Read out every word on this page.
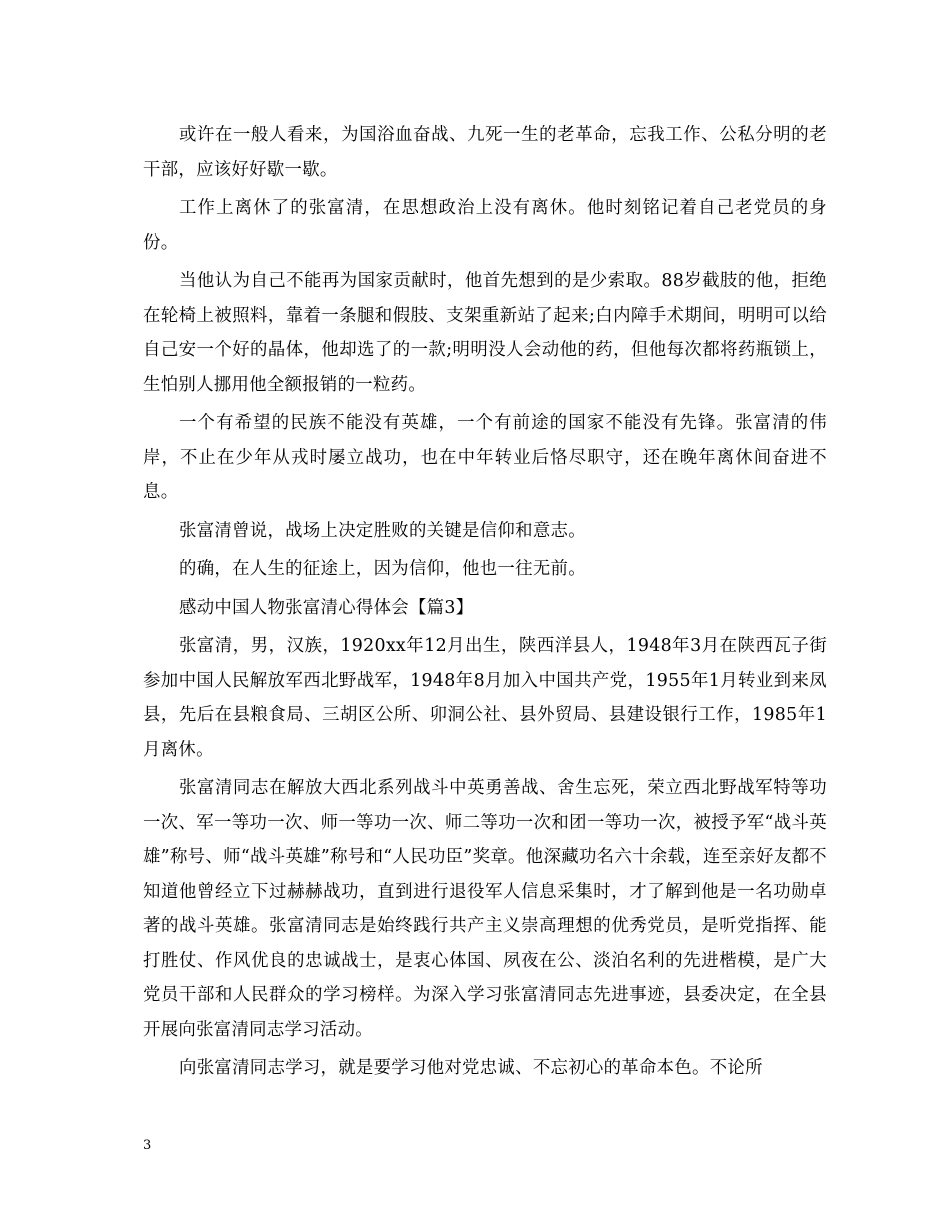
或许在一般人看来，为国浴血奋战、九死一生的老革命，忘我工作、公私分明的老干部，应该好好歇一歇。

工作上离休了的张富清，在思想政治上没有离休。他时刻铭记着自己老党员的身份。

当他认为自己不能再为国家贡献时，他首先想到的是少索取。88岁截肢的他，拒绝在轮椅上被照料，靠着一条腿和假肢、支架重新站了起来;白内障手术期间，明明可以给自己安一个好的晶体，他却选了的一款;明明没人会动他的药，但他每次都将药瓶锁上，生怕别人挪用他全额报销的一粒药。

一个有希望的民族不能没有英雄，一个有前途的国家不能没有先锋。张富清的伟岸，不止在少年从戎时屡立战功，也在中年转业后恪尽职守，还在晚年离休间奋进不息。

张富清曾说，战场上决定胜败的关键是信仰和意志。

的确，在人生的征途上，因为信仰，他也一往无前。

感动中国人物张富清心得体会【篇3】

张富清，男，汉族，1920xx年12月出生，陕西洋县人，1948年3月在陕西瓦子街参加中国人民解放军西北野战军，1948年8月加入中国共产党，1955年1月转业到来凤县，先后在县粮食局、三胡区公所、卯洞公社、县外贸局、县建设银行工作，1985年1月离休。

张富清同志在解放大西北系列战斗中英勇善战、舍生忘死，荣立西北野战军特等功一次、军一等功一次、师一等功一次、师二等功一次和团一等功一次，被授予军“战斗英雄”称号、师“战斗英雄”称号和“人民功臣”奖章。他深藏功名六十余载，连至亲好友都不知道他曾经立下过赫赫战功，直到进行退役军人信息采集时，才了解到他是一名功勋卓著的战斗英雄。张富清同志是始终践行共产主义崇高理想的优秀党员，是听党指挥、能打胜仗、作风优良的忠诚战士，是衷心体国、夙夜在公、淡泊名利的先进楷模，是广大党员干部和人民群众的学习榜样。为深入学习张富清同志先进事迹，县委决定，在全县开展向张富清同志学习活动。

向张富清同志学习，就是要学习他对党忠诚、不忘初心的革命本色。不论所

3
